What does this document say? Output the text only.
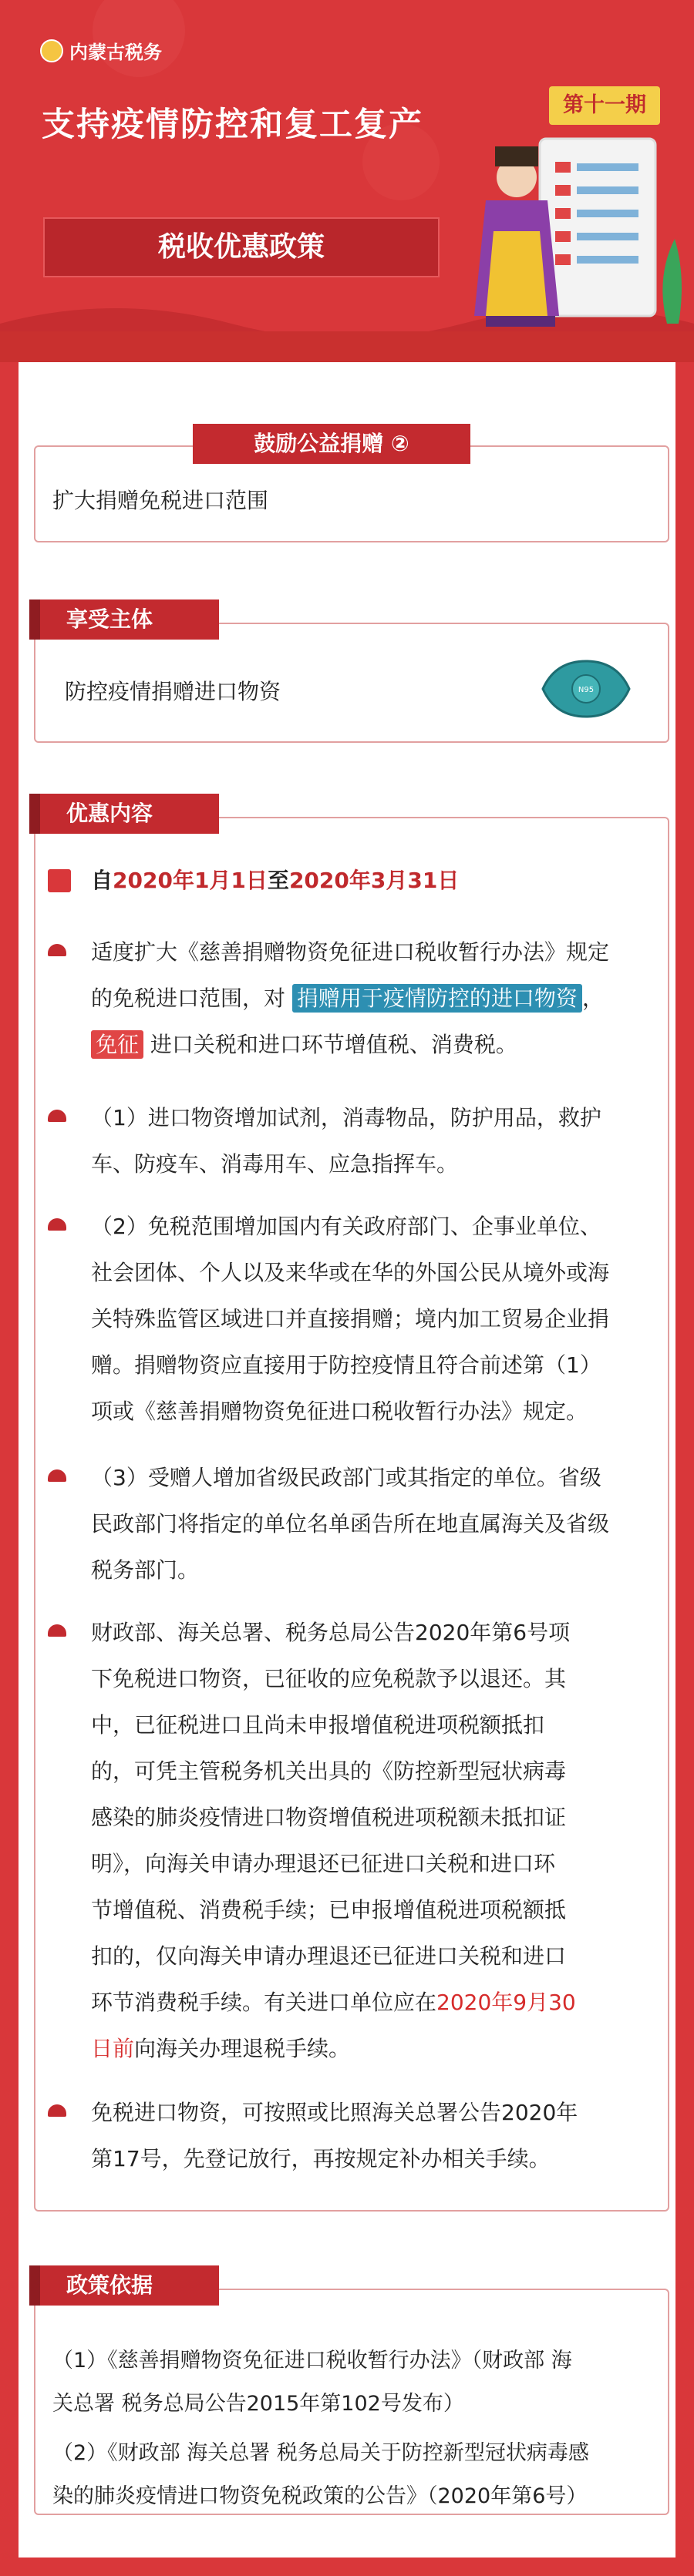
内蒙古税务
支持疫情防控和复工复产
第十一期
税收优惠政策
鼓励公益捐赠 ②
扩大捐赠免税进口范围
享受主体
防控疫情捐赠进口物资	N95
优惠内容
自2020年1月1日至2020年3月31日
适度扩大《慈善捐赠物资免征进口税收暂行办法》规定
的免税进口范围，对 捐赠用于疫情防控的进口物资 ，
免征 进口关税和进口环节增值税、消费税。
（1）进口物资增加试剂，消毒物品，防护用品，救护
车、防疫车、消毒用车、应急指挥车。
（2）免税范围增加国内有关政府部门、企事业单位、
社会团体、个人以及来华或在华的外国公民从境外或海
关特殊监管区域进口并直接捐赠；境内加工贸易企业捐
赠。捐赠物资应直接用于防控疫情且符合前述第（1）
项或《慈善捐赠物资免征进口税收暂行办法》规定。
（3）受赠人增加省级民政部门或其指定的单位。省级
民政部门将指定的单位名单函告所在地直属海关及省级
税务部门。
财政部、海关总署、税务总局公告2020年第6号项
下免税进口物资，已征收的应免税款予以退还。其
中，已征税进口且尚未申报增值税进项税额抵扣
的，可凭主管税务机关出具的《防控新型冠状病毒
感染的肺炎疫情进口物资增值税进项税额未抵扣证
明》，向海关申请办理退还已征进口关税和进口环
节增值税、消费税手续；已申报增值税进项税额抵
扣的，仅向海关申请办理退还已征进口关税和进口
环节消费税手续。有关进口单位应在2020年9月30
日前向海关办理退税手续。
免税进口物资，可按照或比照海关总署公告2020年
第17号，先登记放行，再按规定补办相关手续。
政策依据
（1）《慈善捐赠物资免征进口税收暂行办法》（财政部 海
关总署 税务总局公告2015年第102号发布）
（2）《财政部 海关总署 税务总局关于防控新型冠状病毒感
染的肺炎疫情进口物资免税政策的公告》（2020年第6号）
